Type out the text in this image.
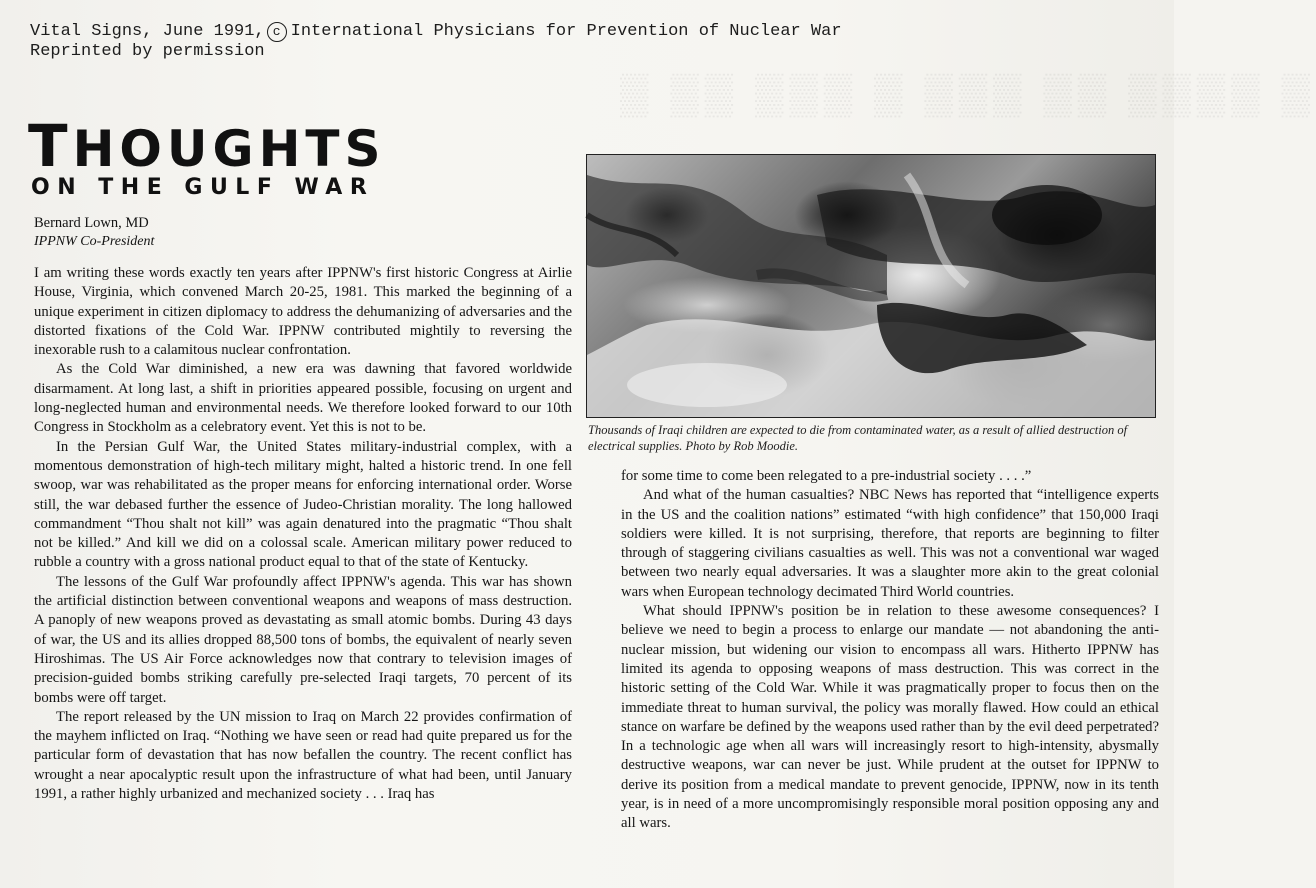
Vital Signs, June 1991, c International Physicians for Prevention of Nuclear War
Reprinted by permission
▒ ▒▒ ▒▒▒ ▒ ▒▒▒ ▒▒ ▒▒▒▒ ▒
THOUGHTS
ON THE GULF WAR
Bernard Lown, MD
IPPNW Co-President

I am writing these words exactly ten years after IPPNW's first historic Congress at Airlie House, Virginia, which convened March 20-25, 1981. This marked the beginning of a unique experiment in citizen diplomacy to address the dehumanizing of adversaries and the distorted fixations of the Cold War. IPPNW contributed mightily to reversing the inexorable rush to a calamitous nuclear confrontation.

As the Cold War diminished, a new era was dawning that favored worldwide disarmament. At long last, a shift in priorities appeared possible, focusing on urgent and long-neglected human and environmental needs. We therefore looked forward to our 10th Congress in Stockholm as a celebratory event. Yet this is not to be.

In the Persian Gulf War, the United States military-industrial complex, with a momentous demonstration of high-tech military might, halted a historic trend. In one fell swoop, war was rehabilitated as the proper means for enforcing international order. Worse still, the war debased further the essence of Judeo-Christian morality. The long hallowed commandment “Thou shalt not kill” was again denatured into the pragmatic “Thou shalt not be killed.” And kill we did on a colossal scale. American military power reduced to rubble a country with a gross national product equal to that of the state of Kentucky.

The lessons of the Gulf War profoundly affect IPPNW's agenda. This war has shown the artificial distinction between conventional weapons and weapons of mass destruction. A panoply of new weapons proved as devastating as small atomic bombs. During 43 days of war, the US and its allies dropped 88,500 tons of bombs, the equivalent of nearly seven Hiroshimas. The US Air Force acknowledges now that contrary to television images of precision-guided bombs striking carefully pre-selected Iraqi targets, 70 percent of its bombs were off target.

The report released by the UN mission to Iraq on March 22 provides confirmation of the mayhem inflicted on Iraq. “Nothing we have seen or read had quite prepared us for the particular form of devastation that has now befallen the country. The recent conflict has wrought a near apocalyptic result upon the infrastructure of what had been, until January 1991, a rather highly urbanized and mechanized society . . . Iraq has

Thousands of Iraqi children are expected to die from contaminated water, as a result of allied destruction of electrical supplies. Photo by Rob Moodie.

for some time to come been relegated to a pre-industrial society . . . .”

And what of the human casualties? NBC News has reported that “intelligence experts in the US and the coalition nations” estimated “with high confidence” that 150,000 Iraqi soldiers were killed. It is not surprising, therefore, that reports are beginning to filter through of staggering civilians casualties as well. This was not a conventional war waged between two nearly equal adversaries. It was a slaughter more akin to the great colonial wars when European technology decimated Third World countries.

What should IPPNW's position be in relation to these awesome consequences? I believe we need to begin a process to enlarge our mandate — not abandoning the anti-nuclear mission, but widening our vision to encompass all wars. Hitherto IPPNW has limited its agenda to opposing weapons of mass destruction. This was correct in the historic setting of the Cold War. While it was pragmatically proper to focus then on the immediate threat to human survival, the policy was morally flawed. How could an ethical stance on warfare be defined by the weapons used rather than by the evil deed perpetrated? In a technologic age when all wars will increasingly resort to high-intensity, abysmally destructive weapons, war can never be just. While prudent at the outset for IPPNW to derive its position from a medical mandate to prevent genocide, IPPNW, now in its tenth year, is in need of a more uncompromisingly responsible moral position opposing any and all wars.
